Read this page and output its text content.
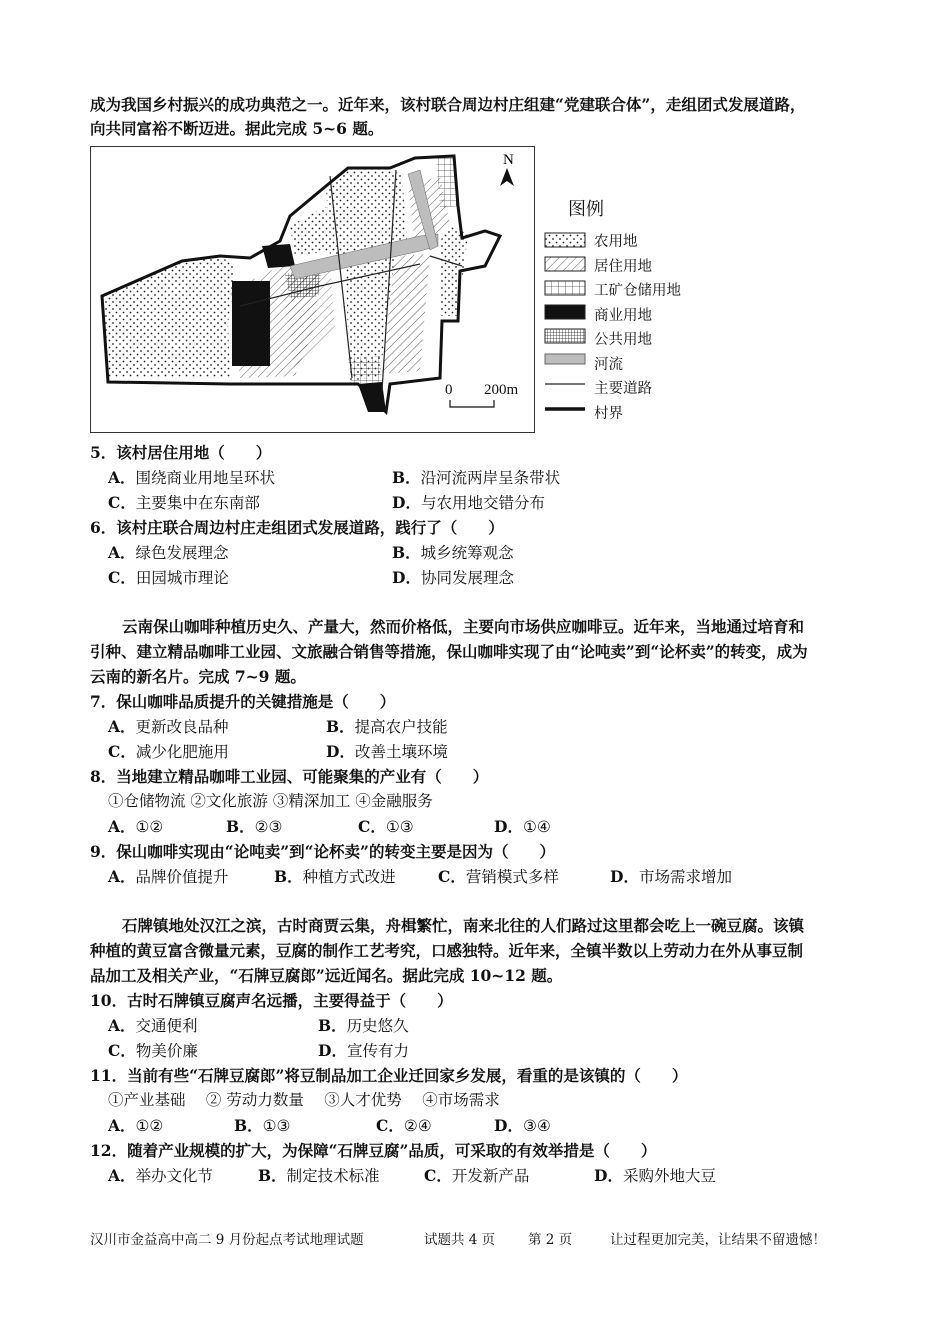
成为我国乡村振兴的成功典范之一。近年来，该村联合周边村庄组建“党建联合体”，走组团式发展道路，
向共同富裕不断迈进。据此完成 5~6 题。
N
图例
农用地
居住用地
工矿仓储用地
商业用地
公共用地
河流
主要道路
村界
0 200m
5．该村居住用地（　　）
A．围绕商业用地呈环状	B．沿河流两岸呈条带状
C．主要集中在东南部	D．与农用地交错分布
6．该村庄联合周边村庄走组团式发展道路，践行了（　　）
A．绿色发展理念	B．城乡统筹观念
C．田园城市理论	D．协同发展理念
云南保山咖啡种植历史久、产量大，然而价格低，主要向市场供应咖啡豆。近年来，当地通过培育和
引种、建立精品咖啡工业园、文旅融合销售等措施，保山咖啡实现了由“论吨卖”到“论杯卖”的转变，成为
云南的新名片。完成 7~9 题。
7．保山咖啡品质提升的关键措施是（　　）
A．更新改良品种	B．提高农户技能
C．减少化肥施用	D．改善土壤环境
8．当地建立精品咖啡工业园、可能聚集的产业有（　　）
①仓储物流 ②文化旅游 ③精深加工 ④金融服务
A．①②	B．②③	C．①③	D．①④
9．保山咖啡实现由“论吨卖”到“论杯卖”的转变主要是因为（　　）
A．品牌价值提升	B．种植方式改进	C．营销模式多样	D．市场需求增加
石牌镇地处汉江之滨，古时商贾云集，舟楫繁忙，南来北往的人们路过这里都会吃上一碗豆腐。该镇
种植的黄豆富含微量元素，豆腐的制作工艺考究，口感独特。近年来，全镇半数以上劳动力在外从事豆制
品加工及相关产业，“石牌豆腐郎”远近闻名。据此完成 10~12 题。
10．古时石牌镇豆腐声名远播，主要得益于（　　）
A．交通便利	B．历史悠久
C．物美价廉	D．宣传有力
11．当前有些“石牌豆腐郎”将豆制品加工企业迁回家乡发展，看重的是该镇的（　　）
①产业基础　 ② 劳动力数量　 ③人才优势　 ④市场需求
A．①②	B．①③	C．②④	D．③④
12．随着产业规模的扩大，为保障“石牌豆腐”品质，可采取的有效举措是（　　）
A．举办文化节	B．制定技术标准	C．开发新产品	D．采购外地大豆
汉川市金益高中高二 9 月份起点考试地理试题	试题共 4 页 第 2 页	让过程更加完美，让结果不留遗憾！
